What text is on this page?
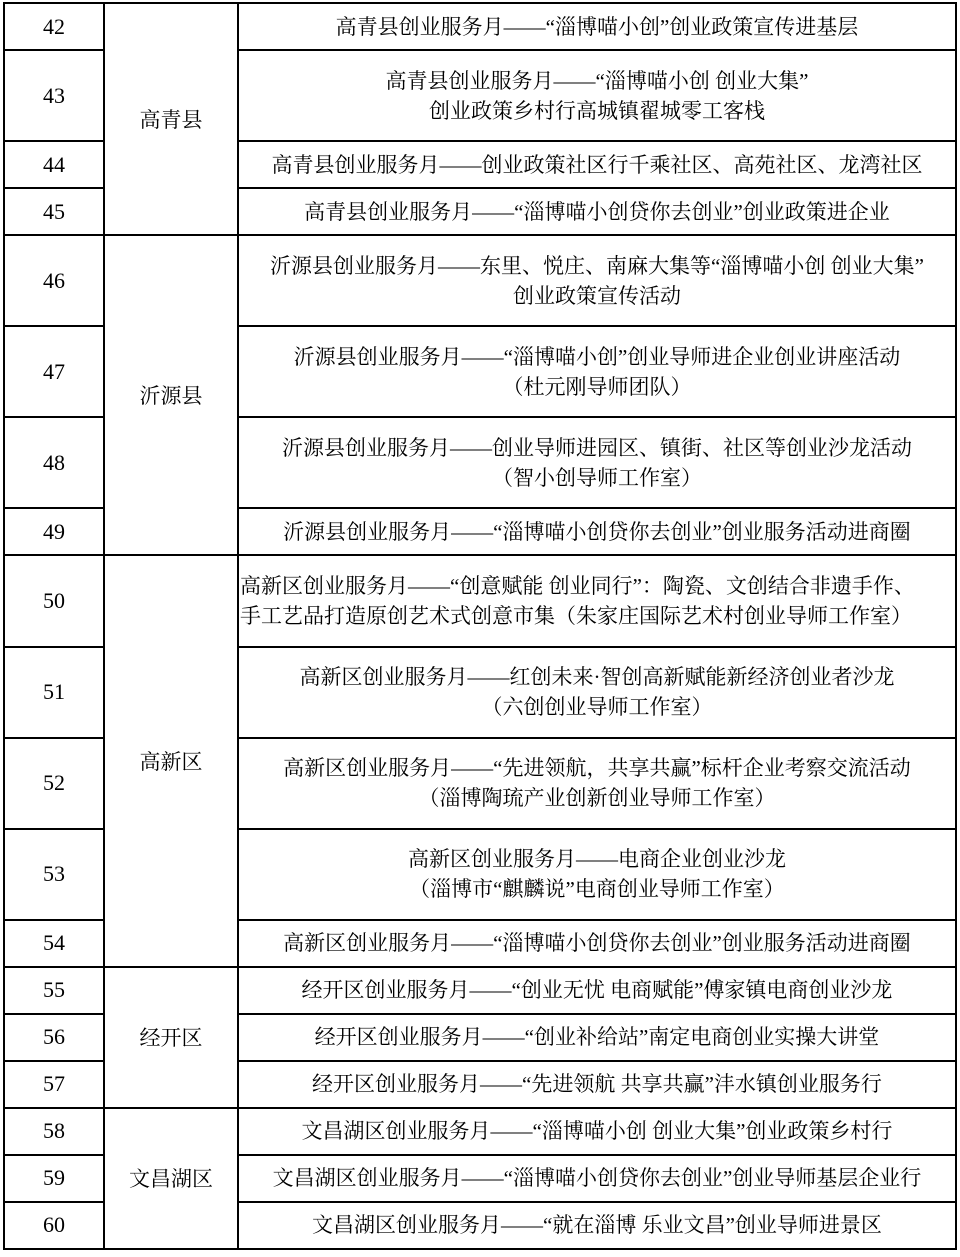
42	高青县	高青县创业服务月——“淄博喵小创”创业政策宣传进基层

43		高青县创业服务月——“淄博喵小创 创业大集”
创业政策乡村行高城镇翟城零工客栈

44		高青县创业服务月——创业政策社区行千乘社区、高苑社区、龙湾社区

45		高青县创业服务月——“淄博喵小创贷你去创业”创业政策进企业

46	沂源县	沂源县创业服务月——东里、悦庄、南麻大集等“淄博喵小创 创业大集”
创业政策宣传活动

47		沂源县创业服务月——“淄博喵小创”创业导师进企业创业讲座活动
（杜元刚导师团队）

48		沂源县创业服务月——创业导师进园区、镇街、社区等创业沙龙活动
（智小创导师工作室）

49		沂源县创业服务月——“淄博喵小创贷你去创业”创业服务活动进商圈

50	高新区	高新区创业服务月——“创意赋能 创业同行”：陶瓷、文创结合非遗手作、
手工艺品打造原创艺术式创意市集（朱家庄国际艺术村创业导师工作室）

51		高新区创业服务月——红创未来·智创高新赋能新经济创业者沙龙
（六创创业导师工作室）

52		高新区创业服务月——“先进领航，共享共赢”标杆企业考察交流活动
（淄博陶琉产业创新创业导师工作室）

53		高新区创业服务月——电商企业创业沙龙
（淄博市“麒麟说”电商创业导师工作室）

54		高新区创业服务月——“淄博喵小创贷你去创业”创业服务活动进商圈

55	经开区	经开区创业服务月——“创业无忧 电商赋能”傅家镇电商创业沙龙

56		经开区创业服务月——“创业补给站”南定电商创业实操大讲堂

57		经开区创业服务月——“先进领航 共享共赢”沣水镇创业服务行

58	文昌湖区	文昌湖区创业服务月——“淄博喵小创 创业大集”创业政策乡村行

59		文昌湖区创业服务月——“淄博喵小创贷你去创业”创业导师基层企业行

60		文昌湖区创业服务月——“就在淄博 乐业文昌”创业导师进景区
